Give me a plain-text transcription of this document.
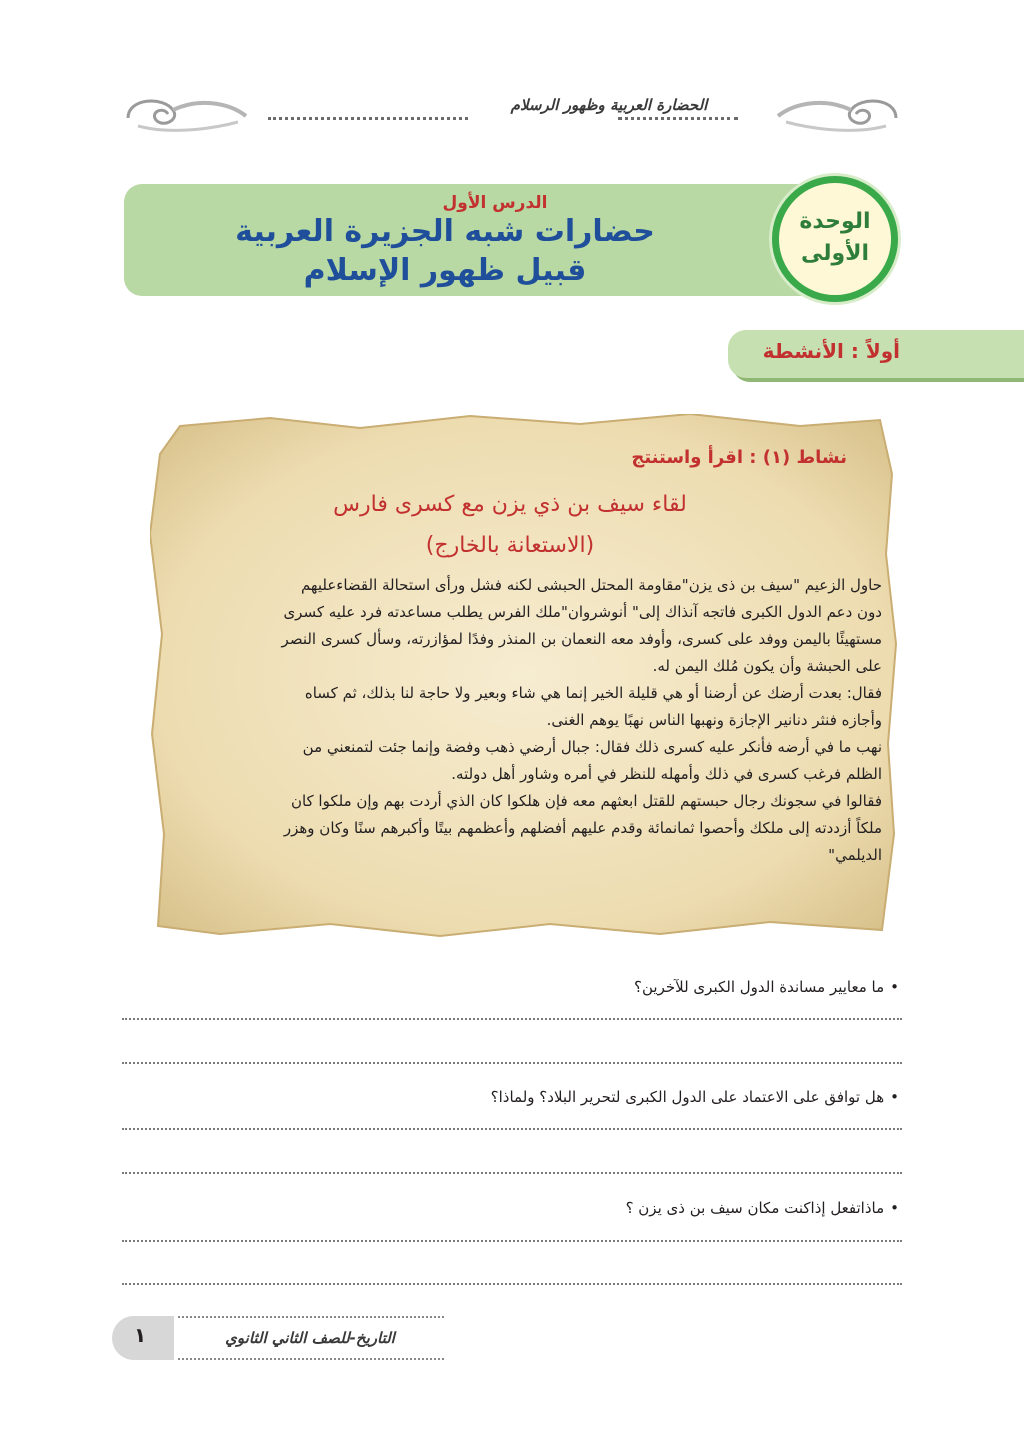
الحضارة العربية وظهور الرسلام
الدرس الأول
حضارات شبه الجزيرة العربية
قبيل ظهور الإسلام
الوحدة
الأولى
أولاً : الأنشطة
نشاط (١) : اقرأ واستنتج
لقاء سيف بن ذي يزن مع كسرى فارس
(الاستعانة بالخارج)

حاول الزعيم "سيف بن ذى يزن"مقاومة المحتل الحبشى لكنه فشل ورأى استحالة القضاءعليهم

دون دعم الدول الكبرى فاتجه آنذاك إلى" أنوشروان"ملك الفرس يطلب مساعدته فرد عليه كسرى

مستهيئًا باليمن ووفد على كسرى، وأوفد معه النعمان بن المنذر وفدًا لمؤازرته، وسأل كسرى النصر

على الحبشة وأن يكون مُلك اليمن له.

فقال: بعدت أرضك عن أرضنا أو هي قليلة الخير إنما هي شاء وبعير ولا حاجة لنا بذلك، ثم كساه

وأجازه فنثر دنانير الإجازة ونهبها الناس نهبًا يوهم الغنى.

نهب ما في أرضه فأنكر عليه كسرى ذلك فقال: جبال أرضي ذهب وفضة وإنما جئت لتمنعني من

الظلم فرغب كسرى في ذلك وأمهله للنظر في أمره وشاور أهل دولته.

فقالوا في سجونك رجال حبستهم للقتل ابعثهم معه فإن هلكوا كان الذي أردت بهم وإن ملكوا كان

ملكاً أزددته إلى ملكك وأحصوا ثمانمائة وقدم عليهم أفضلهم وأعظمهم بيتًا وأكبرهم سنًا وكان وهزر

الديلمي"

•ما معايير مساندة الدول الكبرى للآخرين؟
•هل توافق على الاعتماد على الدول الكبرى لتحرير البلاد؟ ولماذا؟
•ماذاتفعل إذاكنت مكان سيف بن ذى يزن ؟
١	التاريخ-للصف الثاني الثانوي
